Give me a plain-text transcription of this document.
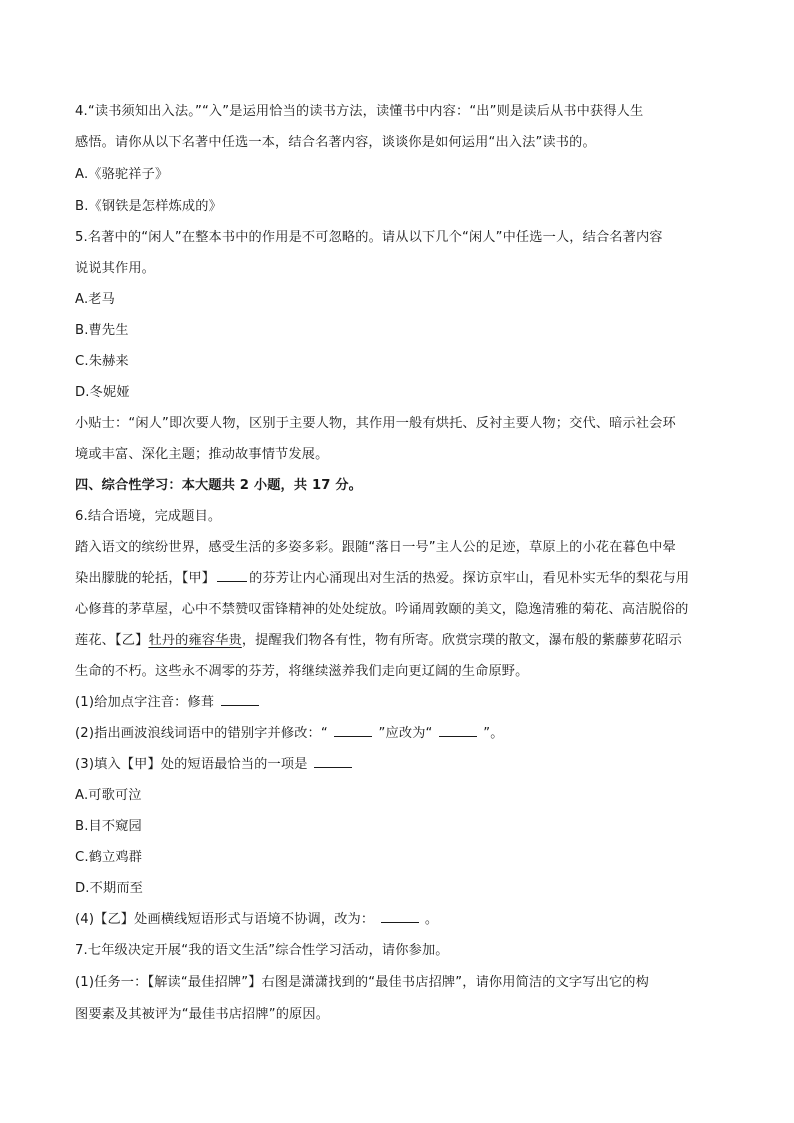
4.“读书须知出入法。”“入”是运用恰当的读书方法，读懂书中内容：“出”则是读后从书中获得人生
感悟。请你从以下名著中任选一本，结合名著内容，谈谈你是如何运用“出入法”读书的。
A.《骆驼祥子》
B.《钢铁是怎样炼成的》
5.名著中的“闲人”在整本书中的作用是不可忽略的。请从以下几个“闲人”中任选一人，结合名著内容
说说其作用。
A.老马
B.曹先生
C.朱赫来
D.冬妮娅
小贴士：“闲人”即次要人物，区别于主要人物，其作用一般有烘托、反衬主要人物；交代、暗示社会环
境或丰富、深化主题；推动故事情节发展。
四、综合性学习：本大题共 2 小题，共 17 分。
6.结合语境，完成题目。
踏入语文的缤纷世界，感受生活的多姿多彩。跟随“落日一号”主人公的足迹，草原上的小花在暮色中晕
染出朦胧的轮括，【甲】	的芬芳让内心涌现出对生活的热爱。探访京牢山，看见朴实无华的梨花与用
心修葺的茅草屋，心中不禁赞叹雷锋精神的处处绽放。吟诵周敦颐的美文，隐逸清雅的菊花、高洁脱俗的
莲花、【乙】牡丹的雍容华贵，提醒我们物各有性，物有所寄。欣赏宗璞的散文，瀑布般的紫藤萝花昭示
生命的不朽。这些永不凋零的芬芳，将继续滋养我们走向更辽阔的生命原野。
(1)给加点字注音：修葺
(2)指出画波浪线词语中的错别字并修改：“	”应改为“	”。
(3)填入【甲】处的短语最恰当的一项是
A.可歌可泣
B.目不窥园
C.鹤立鸡群
D.不期而至
(4)【乙】处画横线短语形式与语境不协调，改为：	。
7.七年级决定开展“我的语文生活”综合性学习活动，请你参加。
(1)任务一：【解读“最佳招牌”】右图是潇潇找到的“最佳书店招牌”，请你用简洁的文字写出它的构
图要素及其被评为“最佳书店招牌”的原因。
